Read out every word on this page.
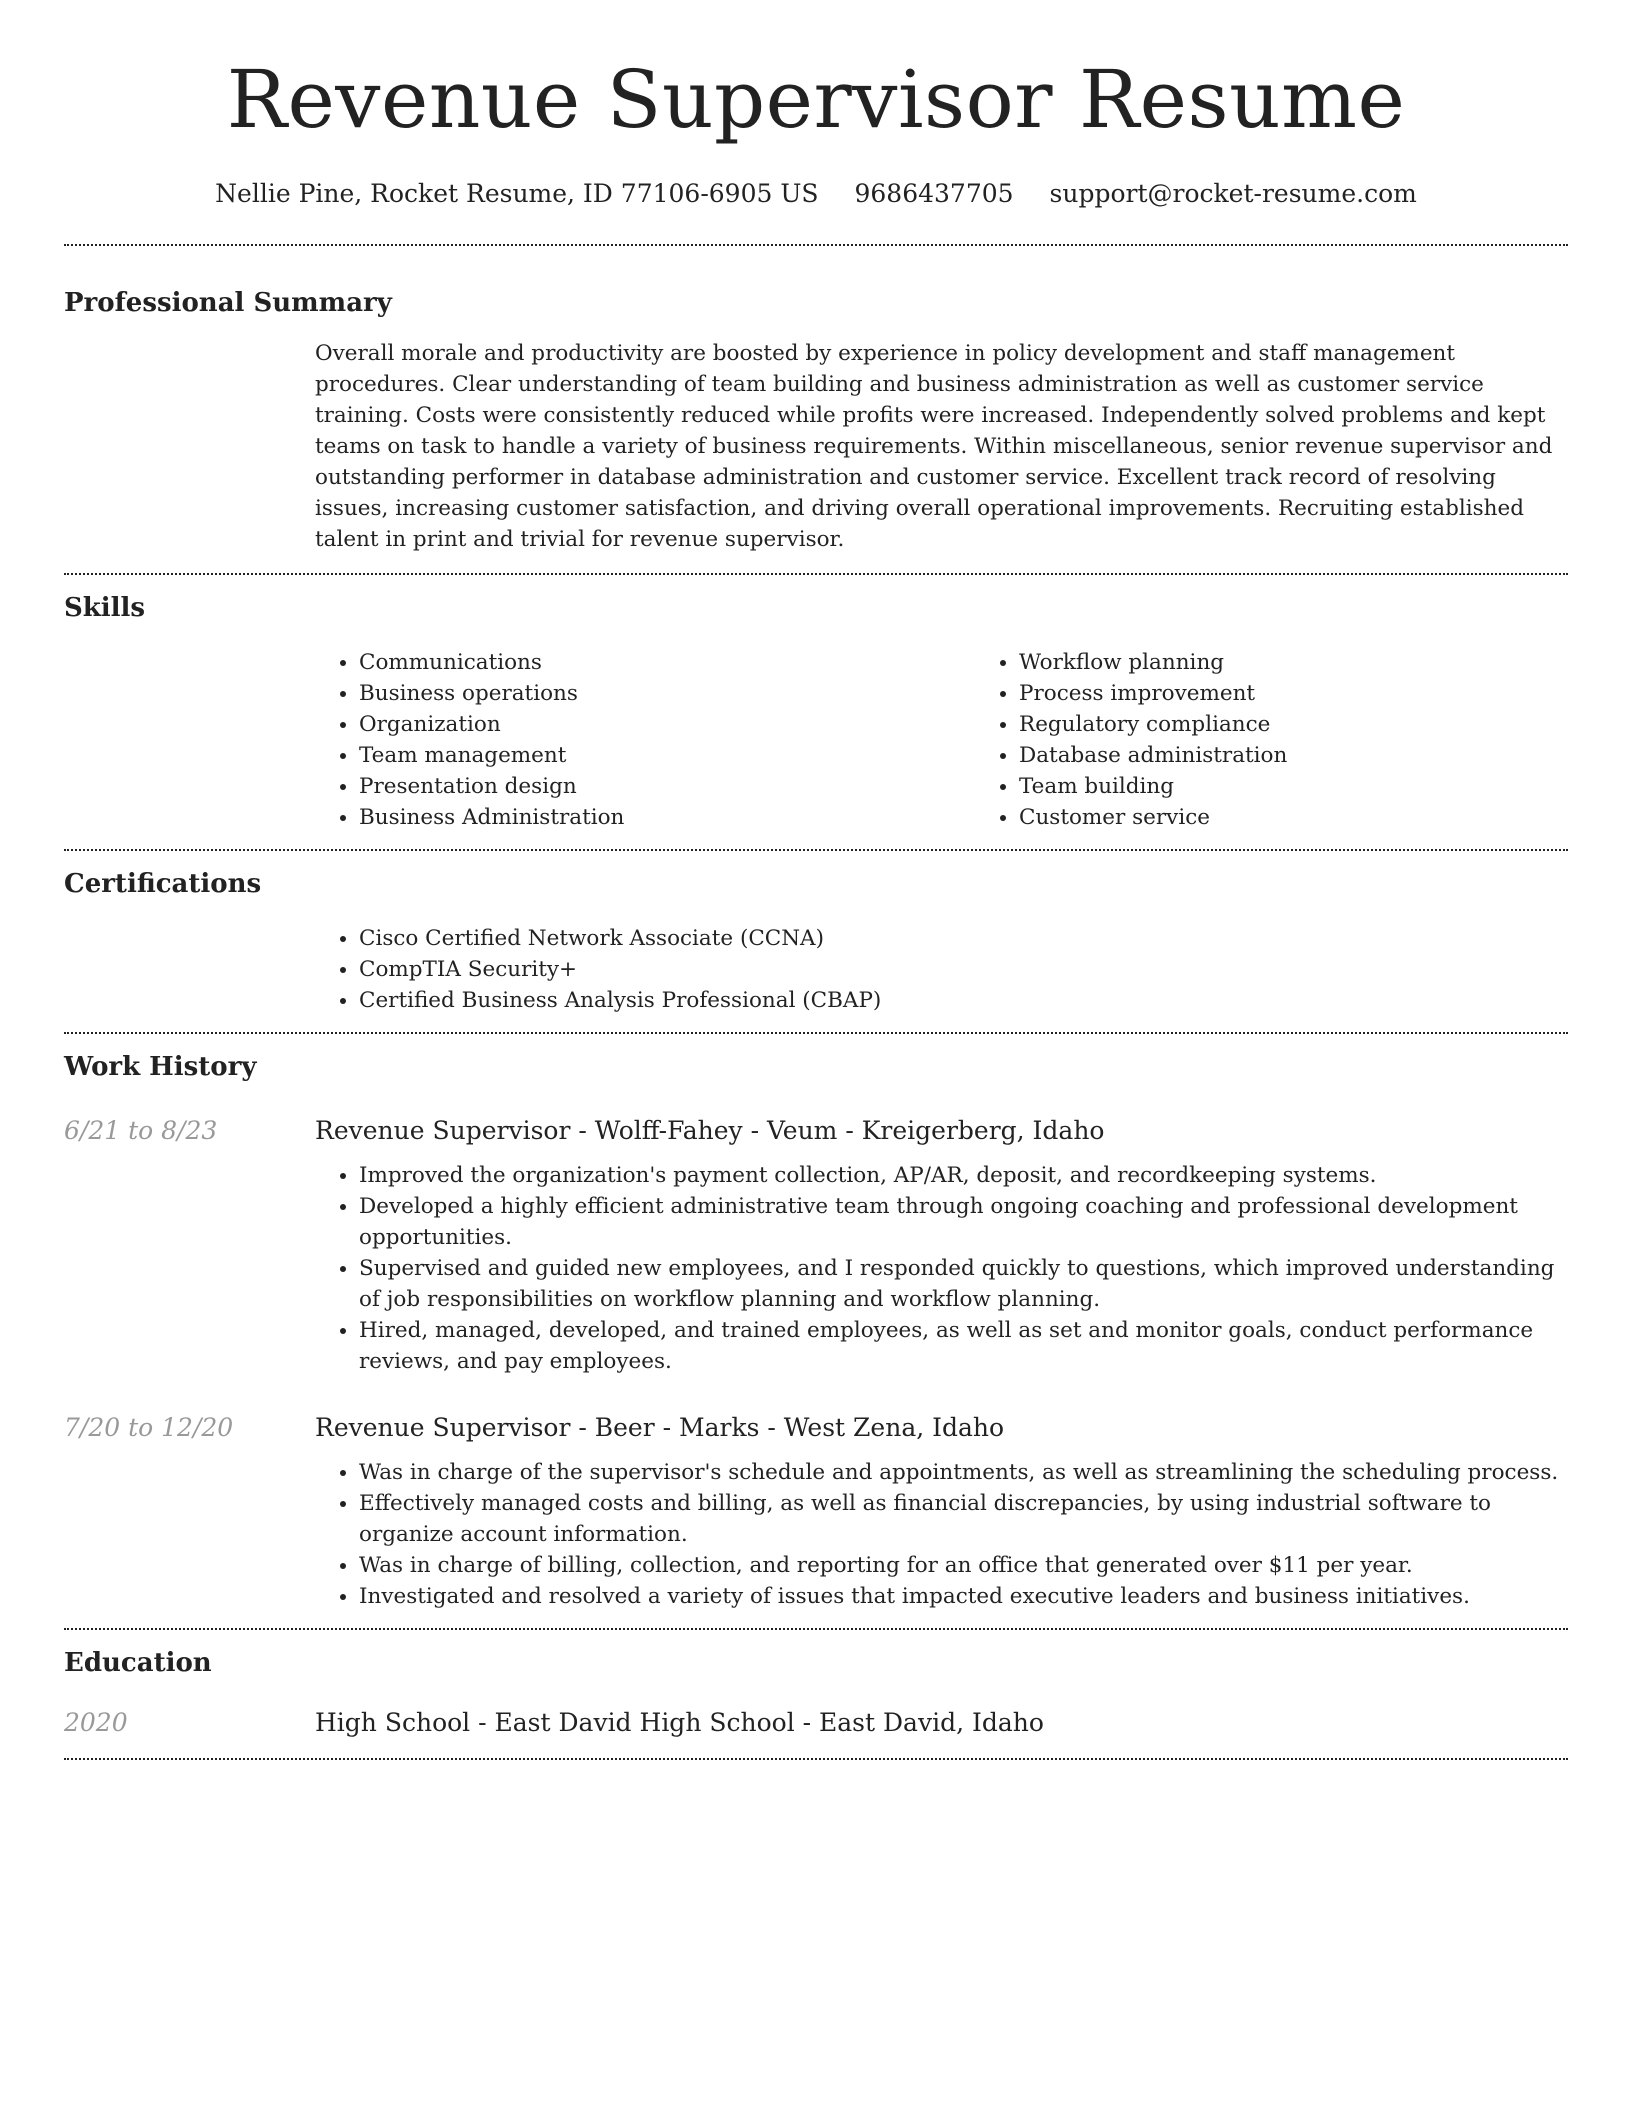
Revenue Supervisor Resume
Nellie Pine, Rocket Resume, ID 77106-6905 US 9686437705 support@rocket-resume.com
Professional Summary

Overall morale and productivity are boosted by experience in policy development and staff management procedures. Clear understanding of team building and business administration as well as customer service training. Costs were consistently reduced while profits were increased. Independently solved problems and kept teams on task to handle a variety of business requirements. Within miscellaneous, senior revenue supervisor and outstanding performer in database administration and customer service. Excellent track record of resolving issues, increasing customer satisfaction, and driving overall operational improvements. Recruiting established talent in print and trivial for revenue supervisor.

Skills
• Communications
• Business operations
• Organization
• Team management
• Presentation design
• Business Administration
• Workflow planning
• Process improvement
• Regulatory compliance
• Database administration
• Team building
• Customer service
Certifications
• Cisco Certified Network Associate (CCNA)
• CompTIA Security+
• Certified Business Analysis Professional (CBAP)
Work History
6/21 to 8/23	Revenue Supervisor - Wolff-Fahey - Veum - Kreigerberg, Idaho
• Improved the organization's payment collection, AP/AR, deposit, and recordkeeping systems.
• Developed a highly efficient administrative team through ongoing coaching and professional development opportunities.
• Supervised and guided new employees, and I responded quickly to questions, which improved understanding of job responsibilities on workflow planning and workflow planning.
• Hired, managed, developed, and trained employees, as well as set and monitor goals, conduct performance reviews, and pay employees.
7/20 to 12/20	Revenue Supervisor - Beer - Marks - West Zena, Idaho
• Was in charge of the supervisor's schedule and appointments, as well as streamlining the scheduling process.
• Effectively managed costs and billing, as well as financial discrepancies, by using industrial software to organize account information.
• Was in charge of billing, collection, and reporting for an office that generated over $11 per year.
• Investigated and resolved a variety of issues that impacted executive leaders and business initiatives.
Education
2020	High School - East David High School - East David, Idaho
